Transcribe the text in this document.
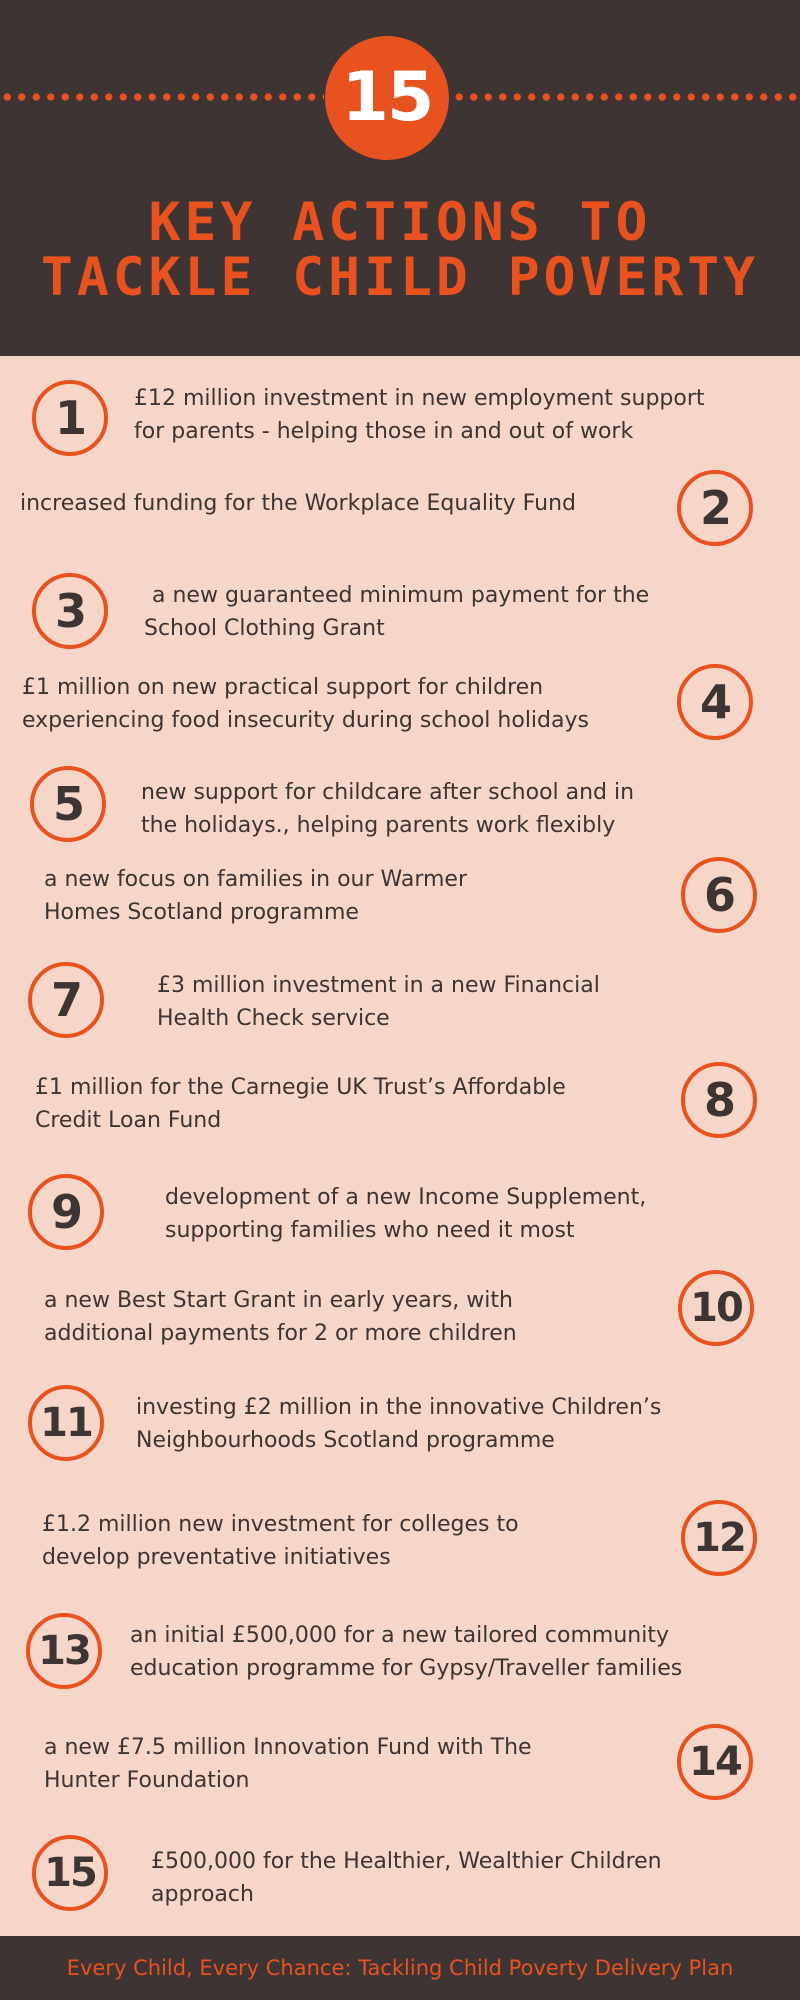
15
KEY ACTIONS TO
TACKLE CHILD POVERTY
1	£12 million investment in new employment support
for parents - helping those in and out of work
2
increased funding for the Workplace Equality Fund
3	a new guaranteed minimum payment for the
School Clothing Grant
4
£1 million on new practical support for children
experiencing food insecurity during school holidays
5	new support for childcare after school and in
the holidays., helping parents work flexibly
6
a new focus on families in our Warmer
Homes Scotland programme
7	£3 million investment in a new Financial
Health Check service
8
£1 million for the Carnegie UK Trust’s Affordable
Credit Loan Fund
9	development of a new Income Supplement,
supporting families who need it most
10
a new Best Start Grant in early years, with
additional payments for 2 or more children
11	investing £2 million in the innovative Children’s
Neighbourhoods Scotland programme
12
£1.2 million new investment for colleges to
develop preventative initiatives
13	an initial £500,000 for a new tailored community
education programme for Gypsy/Traveller families
14
a new £7.5 million Innovation Fund with The
Hunter Foundation
15	£500,000 for the Healthier, Wealthier Children
approach
Every Child, Every Chance: Tackling Child Poverty Delivery Plan
